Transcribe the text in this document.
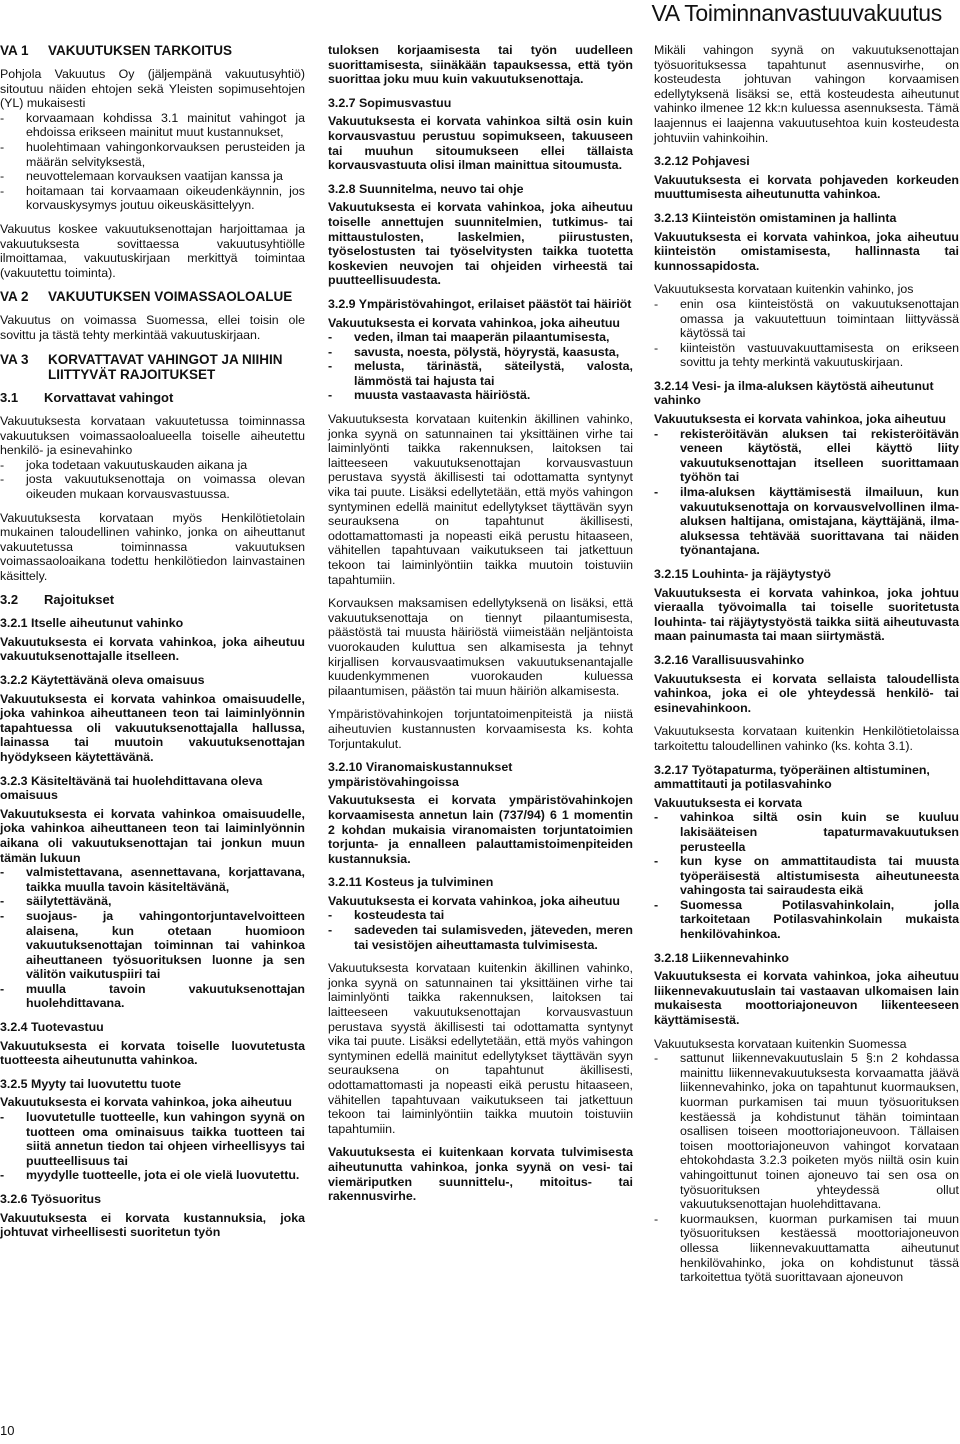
VA Toiminnanvastuuvakuutus
VA 1	VAKUUTUKSEN TARKOITUS

Pohjola Vakuutus Oy (jäljempänä vakuutusyhtiö) sitoutuu näiden ehtojen sekä Yleisten sopimusehtojen (YL) mukaisesti

- korvaamaan kohdissa 3.1 mainitut vahingot ja ehdoissa erikseen mainitut muut kustannukset,
- huolehtimaan vahingonkorvauksen perusteiden ja määrän selvityksestä,
- neuvottelemaan korvauksen vaatijan kanssa ja
- hoitamaan tai korvaamaan oikeudenkäynnin, jos korvauskysymys joutuu oikeuskäsittelyyn.

Vakuutus koskee vakuutuksenottajan harjoittamaa ja vakuutuksesta sovittaessa vakuutusyhtiölle ilmoittamaa, vakuutuskirjaan merkittyä toimintaa (vakuutettu toiminta).

VA 2	VAKUUTUKSEN VOIMASSAOLOALUE

Vakuutus on voimassa Suomessa, ellei toisin ole sovittu ja tästä tehty merkintää vakuutuskirjaan.

VA 3	KORVATTAVAT VAHINGOT JA NIIHIN LIITTYVÄT RAJOITUKSET
3.1 Korvattavat vahingot

Vakuutuksesta korvataan vakuutetussa toiminnassa vakuutuksen voimassaoloalueella toiselle aiheutettu henkilö- ja esinevahinko

- joka todetaan vakuutuskauden aikana ja
- josta vakuutuksenottaja on voimassa olevan oikeuden mukaan korvausvastuussa.

Vakuutuksesta korvataan myös Henkilötietolain mukainen taloudellinen vahinko, jonka on aiheuttanut vakuutetussa toiminnassa vakuutuksen voimassaoloaikana todettu henkilötiedon lainvastainen käsittely.

3.2 Rajoitukset
3.2.1 Itselle aiheutunut vahinko

Vakuutuksesta ei korvata vahinkoa, joka aiheutuu vakuutuksenottajalle itselleen.

3.2.2 Käytettävänä oleva omaisuus

Vakuutuksesta ei korvata vahinkoa omaisuudelle, joka vahinkoa aiheuttaneen teon tai laiminlyönnin tapahtuessa oli vakuutuksenottajalla hallussa, lainassa tai muutoin vakuutuksenottajan hyödykseen käytettävänä.

3.2.3 Käsiteltävänä tai huolehdittavana oleva omaisuus

Vakuutuksesta ei korvata vahinkoa omaisuudelle, joka vahinkoa aiheuttaneen teon tai laiminlyönnin aikana oli vakuutuksenottajan tai jonkun muun tämän lukuun

- valmistettavana, asennettavana, korjattavana, taikka muulla tavoin käsiteltävänä,
- säilytettävänä,
- suojaus- ja vahingontorjuntavelvoitteen alaisena, kun otetaan huomioon vakuutuksenottajan toiminnan tai vahinkoa aiheuttaneen työsuorituksen luonne ja sen välitön vaikutuspiiri tai
- muulla tavoin vakuutuksenottajan huolehdittavana.
3.2.4 Tuotevastuu

Vakuutuksesta ei korvata toiselle luovutetusta tuotteesta aiheutunutta vahinkoa.

3.2.5 Myyty tai luovutettu tuote

Vakuutuksesta ei korvata vahinkoa, joka aiheutuu

- luovutetulle tuotteelle, kun vahingon syynä on tuotteen oma ominaisuus taikka tuotteen tai siitä annetun tiedon tai ohjeen virheellisyys tai puutteellisuus tai
- myydylle tuotteelle, jota ei ole vielä luovutettu.
3.2.6 Työsuoritus

Vakuutuksesta ei korvata kustannuksia, joka johtuvat virheellisesti suoritetun työn

tuloksen korjaamisesta tai työn uudelleen suorittamisesta, siinäkään tapauksessa, että työn suorittaa joku muu kuin vakuutuksenottaja.

3.2.7 Sopimusvastuu

Vakuutuksesta ei korvata vahinkoa siltä osin kuin korvausvastuu perustuu sopimukseen, takuuseen tai muuhun sitoumukseen ellei tällaista korvausvastuuta olisi ilman mainittua sitoumusta.

3.2.8 Suunnitelma, neuvo tai ohje

Vakuutuksesta ei korvata vahinkoa, joka aiheutuu toiselle annettujen suunnitelmien, tutkimus- tai mittaustulosten, laskelmien, piirustusten, työselostusten tai työselvitysten taikka tuotetta koskevien neuvojen tai ohjeiden virheestä tai puutteellisuudesta.

3.2.9 Ympäristövahingot, erilaiset päästöt tai häiriöt

Vakuutuksesta ei korvata vahinkoa, joka aiheutuu

- veden, ilman tai maaperän pilaantumisesta,
- savusta, noesta, pölystä, höyrystä, kaasusta,
- melusta, tärinästä, säteilystä, valosta, lämmöstä tai hajusta tai
- muusta vastaavasta häiriöstä.

Vakuutuksesta korvataan kuitenkin äkillinen vahinko, jonka syynä on satunnainen tai yksittäinen virhe tai laiminlyönti taikka rakennuksen, laitoksen tai laitteeseen vakuutuksenottajan korvausvastuun perustava syystä äkillisesti tai odottamatta syntynyt vika tai puute. Lisäksi edellytetään, että myös vahingon syntyminen edellä mainitut edellytykset täyttävän syyn seurauksena on tapahtunut äkillisesti, odottamattomasti ja nopeasti eikä perustu hitaaseen, vähitellen tapahtuvaan vaikutukseen tai jatkettuun tekoon tai laiminlyöntiin taikka muutoin toistuviin tapahtumiin.

Korvauksen maksamisen edellytyksenä on lisäksi, että vakuutuksenottaja on tiennyt pilaantumisesta, päästöstä tai muusta häiriöstä viimeistään neljäntoista vuorokauden kuluttua sen alkamisesta ja tehnyt kirjallisen korvausvaatimuksen vakuutuksenantajalle kuudenkymmenen vuorokauden kuluessa pilaantumisen, päästön tai muun häiriön alkamisesta.

Ympäristövahinkojen torjuntatoimenpiteistä ja niistä aiheutuvien kustannusten korvaamisesta ks. kohta Torjuntakulut.

3.2.10 Viranomaiskustannukset ympäristövahingoissa

Vakuutuksesta ei korvata ympäristövahinkojen korvaamisesta annetun lain (737/94) 6 1 momentin 2 kohdan mukaisia viranomaisten torjuntatoimien torjunta- ja ennalleen palauttamistoimenpiteiden kustannuksia.

3.2.11 Kosteus ja tulviminen

Vakuutuksesta ei korvata vahinkoa, joka aiheutuu

- kosteudesta tai
- sadeveden tai sulamisveden, jäteveden, meren tai vesistöjen aiheuttamasta tulvimisesta.

Vakuutuksesta korvataan kuitenkin äkillinen vahinko, jonka syynä on satunnainen tai yksittäinen virhe tai laiminlyönti taikka rakennuksen, laitoksen tai laitteeseen vakuutuksenottajan korvausvastuun perustava syystä äkillisesti tai odottamatta syntynyt vika tai puute. Lisäksi edellytetään, että myös vahingon syntyminen edellä mainitut edellytykset täyttävän syyn seurauksena on tapahtunut äkillisesti, odottamattomasti ja nopeasti eikä perustu hitaaseen, vähitellen tapahtuvaan vaikutukseen tai jatkettuun tekoon tai laiminlyöntiin taikka muutoin toistuviin tapahtumiin.

Vakuutuksesta ei kuitenkaan korvata tulvimisesta aiheutunutta vahinkoa, jonka syynä on vesi- tai viemäriputken suunnittelu-, mitoitus- tai rakennusvirhe.

Mikäli vahingon syynä on vakuutuksenottajan työsuorituksessa tapahtunut asennusvirhe, on kosteudesta johtuvan vahingon korvaamisen edellytyksenä lisäksi se, että kosteudesta aiheutunut vahinko ilmenee 12 kk:n kuluessa asennuksesta. Tämä laajennus ei laajenna vakuutusehtoa kuin kosteudesta johtuviin vahinkoihin.

3.2.12 Pohjavesi

Vakuutuksesta ei korvata pohjaveden korkeuden muuttumisesta aiheutunutta vahinkoa.

3.2.13 Kiinteistön omistaminen ja hallinta

Vakuutuksesta ei korvata vahinkoa, joka aiheutuu kiinteistön omistamisesta, hallinnasta tai kunnossapidosta.

Vakuutuksesta korvataan kuitenkin vahinko, jos

- enin osa kiinteistöstä on vakuutuksenottajan omassa ja vakuutettuun toimintaan liittyvässä käytössä tai
- kiinteistön vastuuvakuuttamisesta on erikseen sovittu ja tehty merkintä vakuutuskirjaan.
3.2.14 Vesi- ja ilma-aluksen käytöstä aiheutunut vahinko

Vakuutuksesta ei korvata vahinkoa, joka aiheutuu

- rekisteröitävän aluksen tai rekisteröitävän veneen käytöstä, ellei käyttö liity vakuutuksenottajan itselleen suorittamaan työhön tai
- ilma-aluksen käyttämisestä ilmailuun, kun vakuutuksenottaja on korvausvelvollinen ilma-aluksen haltijana, omistajana, käyttäjänä, ilma-aluksessa tehtävää suorittavana tai näiden työnantajana.
3.2.15 Louhinta- ja räjäytystyö

Vakuutuksesta ei korvata vahinkoa, joka johtuu vieraalla työvoimalla tai toiselle suoritetusta louhinta- tai räjäytystyöstä taikka siitä aiheutuvasta maan painumasta tai maan siirtymästä.

3.2.16 Varallisuusvahinko

Vakuutuksesta ei korvata sellaista taloudellista vahinkoa, joka ei ole yhteydessä henkilö- tai esinevahinkoon.

Vakuutuksesta korvataan kuitenkin Henkilötietolaissa tarkoitettu taloudellinen vahinko (ks. kohta 3.1).

3.2.17 Työtapaturma, työperäinen altistuminen, ammattitauti ja potilasvahinko

Vakuutuksesta ei korvata

- vahinkoa siltä osin kuin se kuuluu lakisääteisen tapaturmavakuutuksen perusteella
- kun kyse on ammattitaudista tai muusta työperäisestä altistumisesta aiheutuneesta vahingosta tai sairaudesta eikä
- Suomessa Potilasvahinkolain, jolla tarkoitetaan Potilasvahinkolain mukaista henkilövahinkoa.
3.2.18 Liikennevahinko

Vakuutuksesta ei korvata vahinkoa, joka aiheutuu liikennevakuutuslain tai vastaavan ulkomaisen lain mukaisesta moottoriajoneuvon liikenteeseen käyttämisestä.

Vakuutuksesta korvataan kuitenkin Suomessa

- sattunut liikennevakuutuslain 5 §:n 2 kohdassa mainittu liikennevakuutuksesta korvaamatta jäävä liikennevahinko, joka on tapahtunut kuormauksen, kuorman purkamisen tai muun työsuorituksen kestäessä ja kohdistunut tähän toimintaan osallisen toiseen moottoriajoneuvoon. Tällaisen toisen moottoriajoneuvon vahingot korvataan ehtokohdasta 3.2.3 poiketen myös niiltä osin kuin vahingoittunut toinen ajoneuvo tai sen osa on työsuorituksen yhteydessä ollut vakuutuksenottajan huolehdittavana.
- kuormauksen, kuorman purkamisen tai muun työsuorituksen kestäessä moottoriajoneuvon ollessa liikennevakuuttamatta aiheutunut henkilövahinko, joka on kohdistunut tässä tarkoitettua työtä suorittavaan ajoneuvon
10
